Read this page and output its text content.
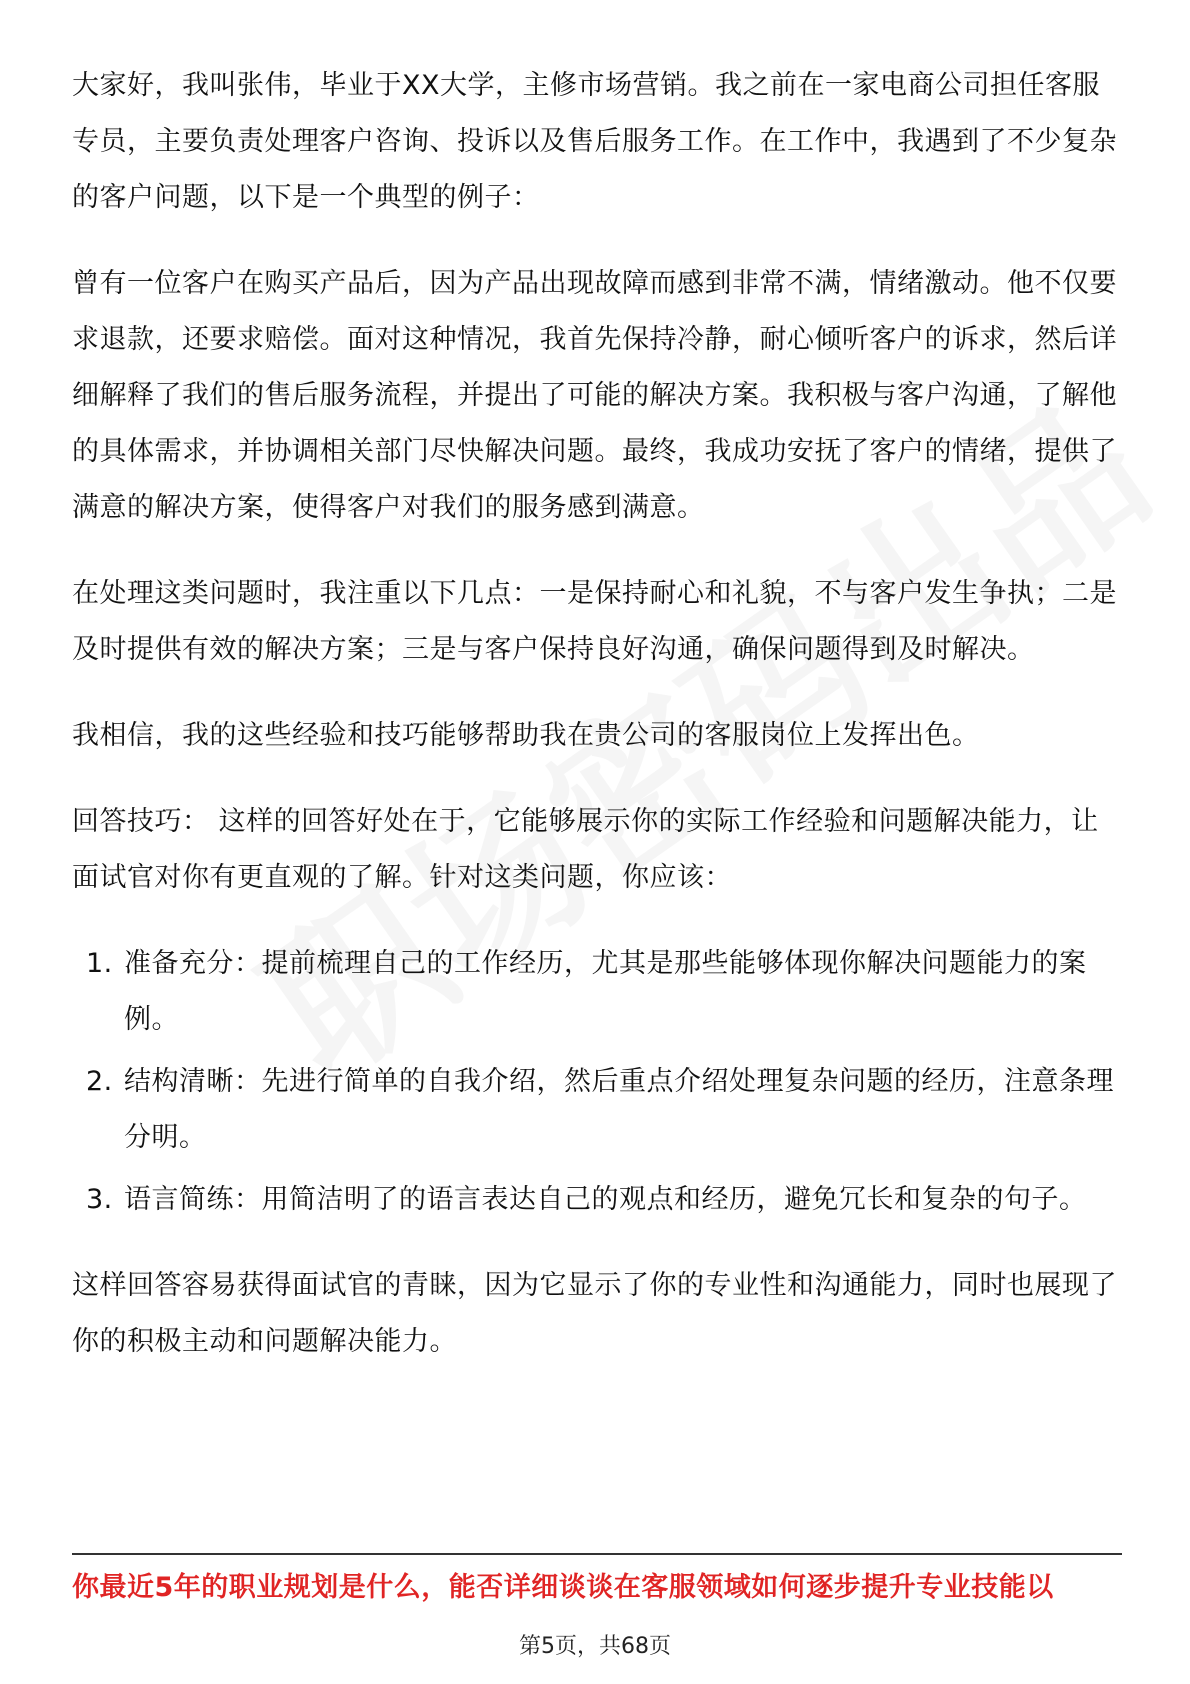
大家好，我叫张伟，毕业于XX大学，主修市场营销。我之前在一家电商公司担任客服专员，主要负责处理客户咨询、投诉以及售后服务工作。在工作中，我遇到了不少复杂的客户问题，以下是一个典型的例子：

曾有一位客户在购买产品后，因为产品出现故障而感到非常不满，情绪激动。他不仅要求退款，还要求赔偿。面对这种情况，我首先保持冷静，耐心倾听客户的诉求，然后详细解释了我们的售后服务流程，并提出了可能的解决方案。我积极与客户沟通，了解他的具体需求，并协调相关部门尽快解决问题。最终，我成功安抚了客户的情绪，提供了满意的解决方案，使得客户对我们的服务感到满意。

在处理这类问题时，我注重以下几点：一是保持耐心和礼貌，不与客户发生争执；二是及时提供有效的解决方案；三是与客户保持良好沟通，确保问题得到及时解决。

我相信，我的这些经验和技巧能够帮助我在贵公司的客服岗位上发挥出色。

回答技巧： 这样的回答好处在于，它能够展示你的实际工作经验和问题解决能力，让面试官对你有更直观的了解。针对这类问题，你应该：

1. 准备充分：提前梳理自己的工作经历，尤其是那些能够体现你解决问题能力的案例。
2. 结构清晰：先进行简单的自我介绍，然后重点介绍处理复杂问题的经历，注意条理分明。
3. 语言简练：用简洁明了的语言表达自己的观点和经历，避免冗长和复杂的句子。

这样回答容易获得面试官的青睐，因为它显示了你的专业性和沟通能力，同时也展现了你的积极主动和问题解决能力。

你最近5年的职业规划是什么，能否详细谈谈在客服领域如何逐步提升专业技能以
第5页，共68页
